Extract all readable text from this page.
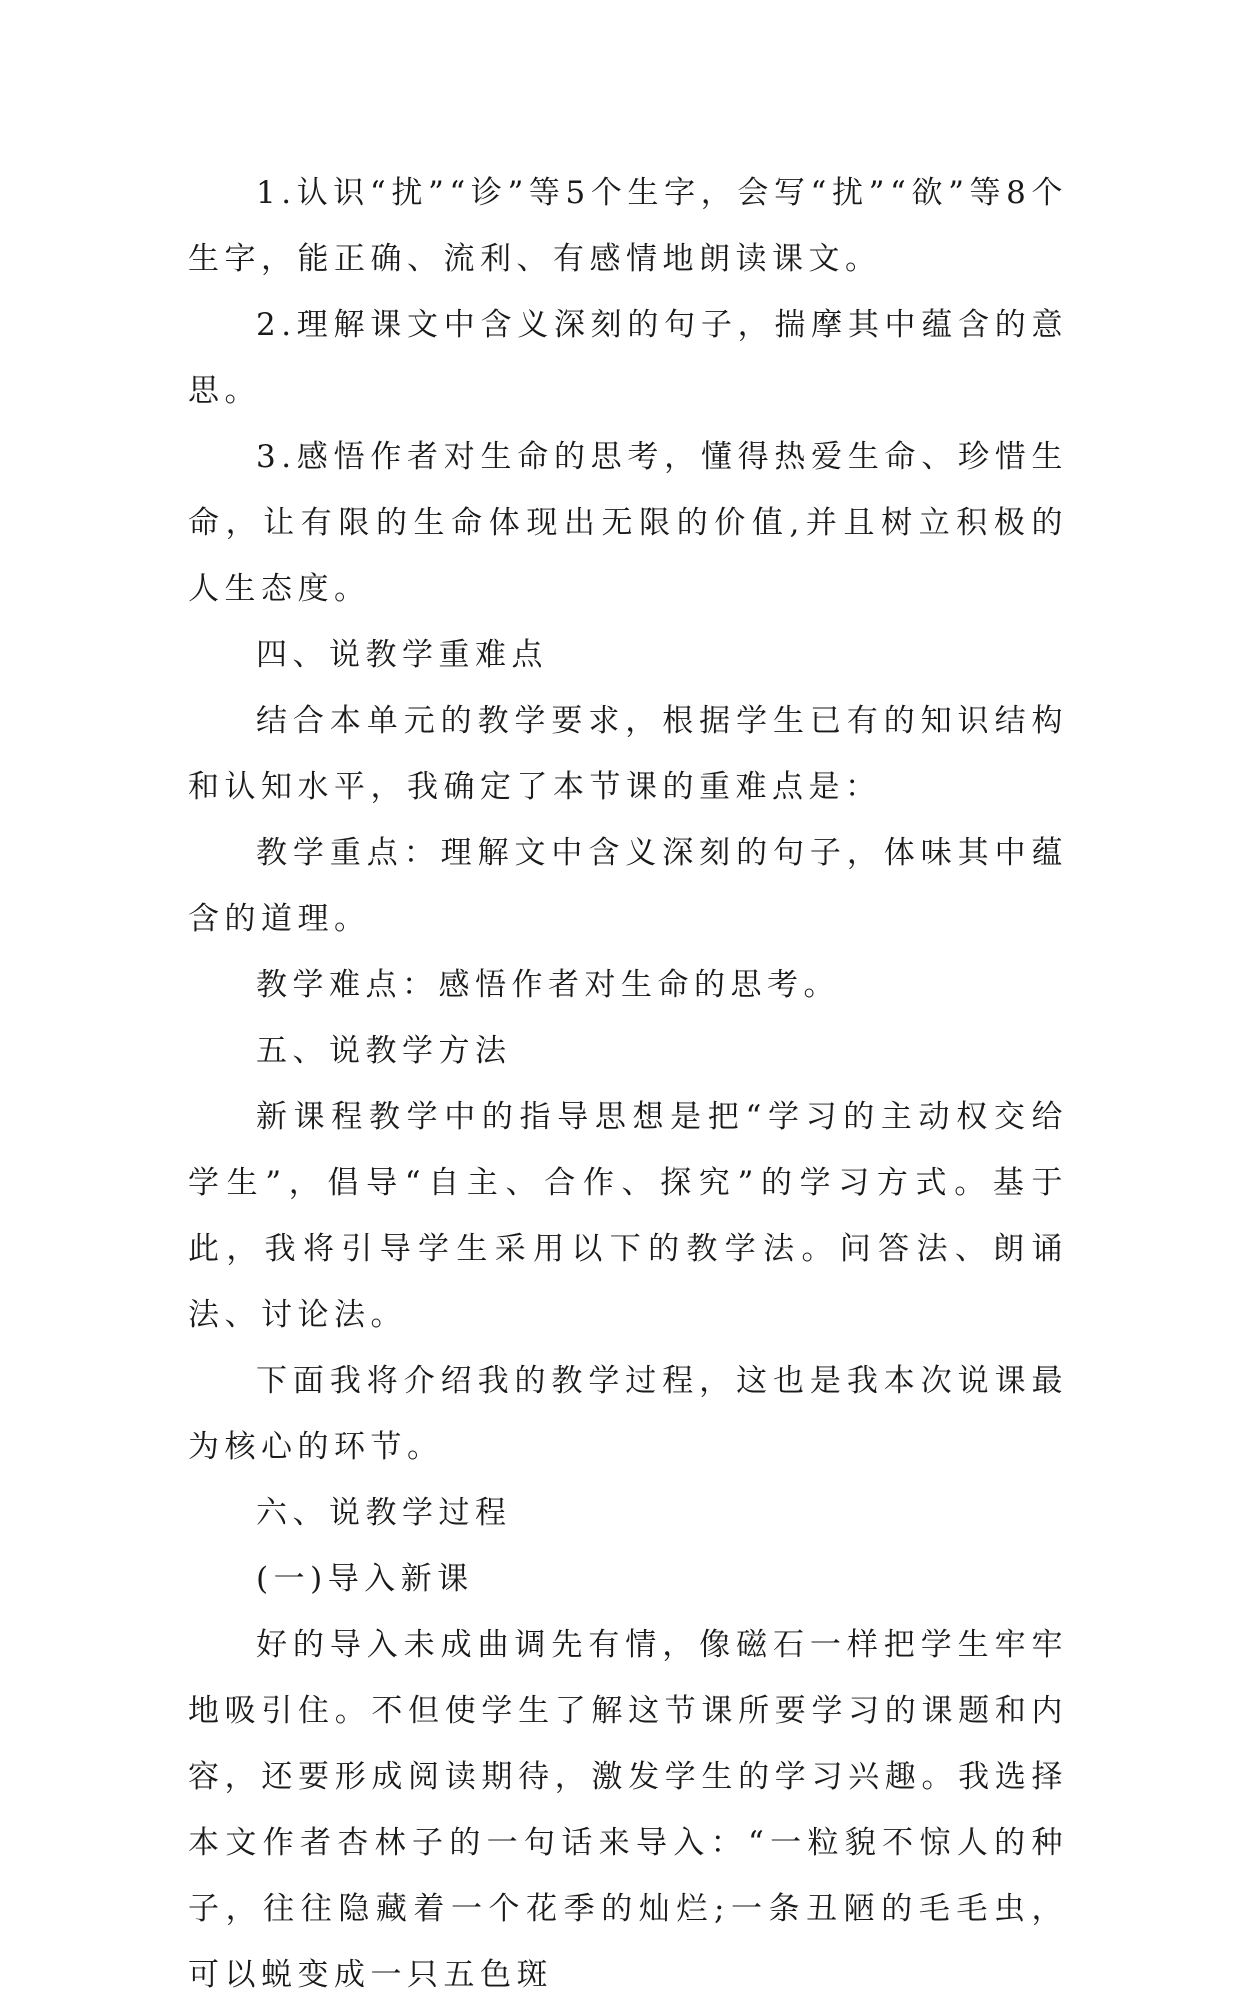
1.认识“扰”“诊”等5个生字，会写“扰”“欲”等8个生字，能正确、流利、有感情地朗读课文。

2.理解课文中含义深刻的句子，揣摩其中蕴含的意思。

3.感悟作者对生命的思考，懂得热爱生命、珍惜生命，让有限的生命体现出无限的价值,并且树立积极的人生态度。

四、说教学重难点

结合本单元的教学要求，根据学生已有的知识结构和认知水平，我确定了本节课的重难点是：

教学重点：理解文中含义深刻的句子，体味其中蕴含的道理。

教学难点：感悟作者对生命的思考。

五、说教学方法

新课程教学中的指导思想是把“学习的主动权交给学生”，倡导“自主、合作、探究”的学习方式。基于此，我将引导学生采用以下的教学法。问答法、朗诵法、讨论法。

下面我将介绍我的教学过程，这也是我本次说课最为核心的环节。

六、说教学过程

(一)导入新课

好的导入未成曲调先有情，像磁石一样把学生牢牢地吸引住。不但使学生了解这节课所要学习的课题和内容，还要形成阅读期待，激发学生的学习兴趣。我选择本文作者杏林子的一句话来导入：“一粒貌不惊人的种子，往往隐藏着一个花季的灿烂;一条丑陋的毛毛虫，可以蜕变成一只五色斑
